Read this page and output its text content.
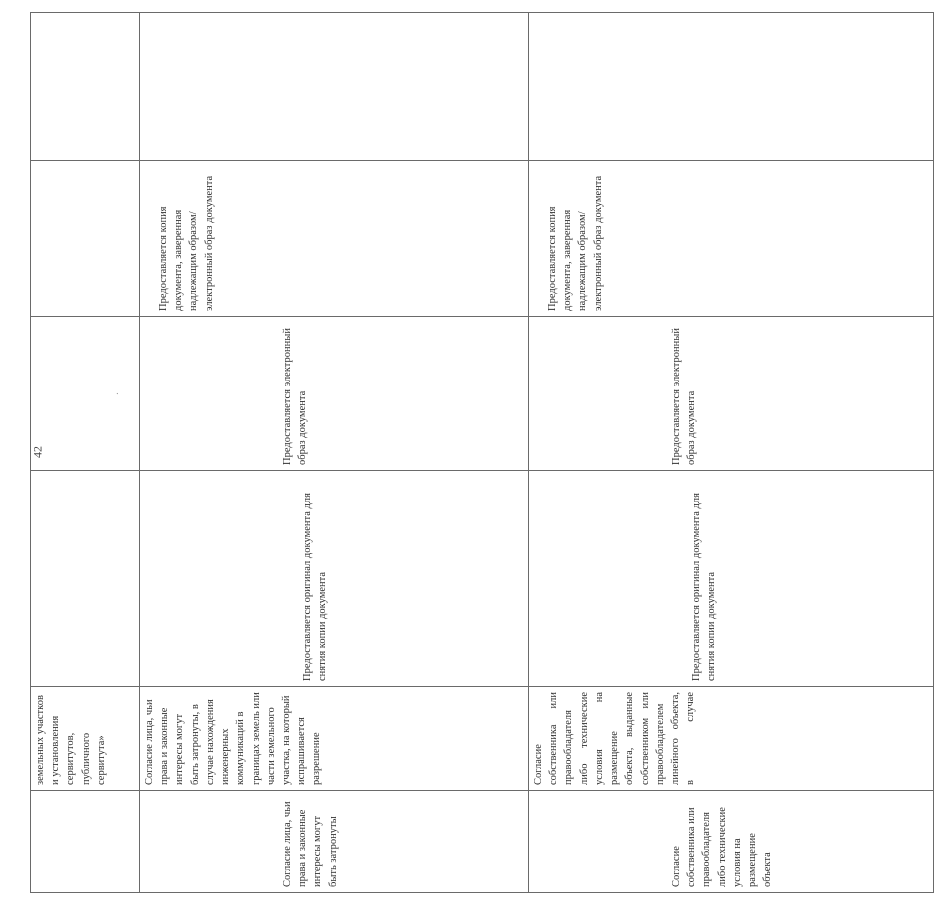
42
	земельных участков и установления сервитутов, публичного сервитута»		·		

Согласие лица, чьи права и законные интересы могут быть затронуты	Согласие лица, чьи права и законные интересы могут быть затронуты, в случае нахождения инженерных коммуникаций в границах земель или части земельного участка, на который испрашивается разрешение	Предоставляется оригинал документа для снятия копии документа	Предоставляется электронный образ документа	Предоставляется копия документа, заверенная надлежащим образом/электронный образ документа	
Согласие собственника или правообладателя либо технические условия на размещение объекта	Согласие собственника или правообладателя либо технические условия на размещение объекта, выданные собственником или правообладателем линейного объекта, в случае	Предоставляется оригинал документа для снятия копии документа	Предоставляется электронный образ документа	Предоставляется копия документа, заверенная надлежащим образом/электронный образ документа	
